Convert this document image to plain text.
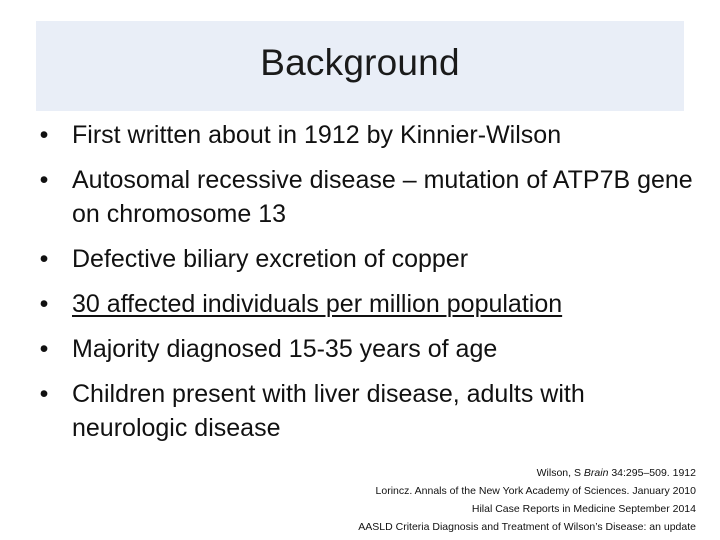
Background
• First written about in 1912 by Kinnier-Wilson
• Autosomal recessive disease – mutation of ATP7B gene on chromosome 13
• Defective biliary excretion of copper
• 30 affected individuals per million population
• Majority diagnosed 15-35 years of age
• Children present with liver disease, adults with neurologic disease
Wilson, S Brain 34:295–509. 1912
Lorincz. Annals of the New York Academy of Sciences. January 2010
Hilal Case Reports in Medicine September 2014
AASLD Criteria Diagnosis and Treatment of Wilson’s Disease: an update
